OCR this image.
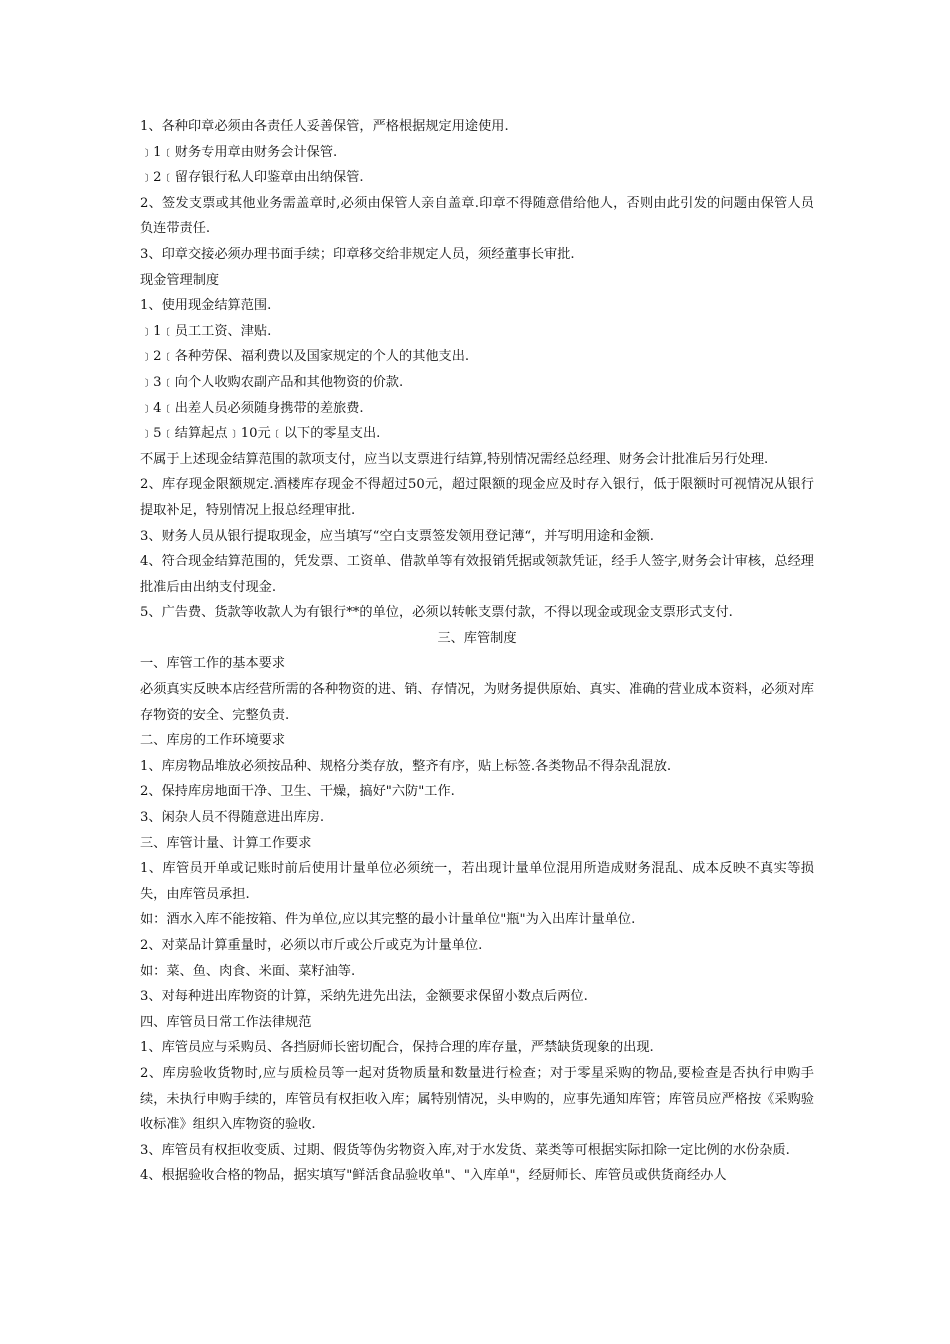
1、各种印章必须由各责任人妥善保管，严格根据规定用途使用.

﹞1﹝财务专用章由财务会计保管.

﹞2﹝留存银行私人印鉴章由出纳保管.

2、签发支票或其他业务需盖章时,必须由保管人亲自盖章.印章不得随意借给他人，否则由此引发的问题由保管人员负连带责任.

3、印章交接必须办理书面手续；印章移交给非规定人员，须经董事长审批.

现金管理制度

1、使用现金结算范围.

﹞1﹝员工工资、津贴.

﹞2﹝各种劳保、福利费以及国家规定的个人的其他支出.

﹞3﹝向个人收购农副产品和其他物资的价款.

﹞4﹝出差人员必须随身携带的差旅费.

﹞5﹝结算起点﹞10元﹝以下的零星支出.

不属于上述现金结算范围的款项支付，应当以支票进行结算,特别情况需经总经理、财务会计批准后另行处理.

2、库存现金限额规定.酒楼库存现金不得超过50元，超过限额的现金应及时存入银行，低于限额时可视情况从银行提取补足，特别情况上报总经理审批.

3、财务人员从银行提取现金，应当填写“空白支票签发领用登记薄“，并写明用途和金额.

4、符合现金结算范围的，凭发票、工资单、借款单等有效报销凭据或领款凭证，经手人签字,财务会计审核，总经理批准后由出纳支付现金.

5、广告费、货款等收款人为有银行**的单位，必须以转帐支票付款，不得以现金或现金支票形式支付.

三、库管制度

一、库管工作的基本要求

必须真实反映本店经营所需的各种物资的进、销、存情况，为财务提供原始、真实、准确的营业成本资料，必须对库存物资的安全、完整负责.

二、库房的工作环境要求

1、库房物品堆放必须按品种、规格分类存放，整齐有序，贴上标签.各类物品不得杂乱混放.

2、保持库房地面干净、卫生、干燥，搞好"六防"工作.

3、闲杂人员不得随意进出库房.

三、库管计量、计算工作要求

1、库管员开单或记账时前后使用计量单位必须统一，若出现计量单位混用所造成财务混乱、成本反映不真实等损失，由库管员承担.

如：酒水入库不能按箱、件为单位,应以其完整的最小计量单位"瓶"为入出库计量单位.

2、对菜品计算重量时，必须以市斤或公斤或克为计量单位.

如：菜、鱼、肉食、米面、菜籽油等.

3、对每种进出库物资的计算，采纳先进先出法，金额要求保留小数点后两位.

四、库管员日常工作法律规范

1、库管员应与采购员、各挡厨师长密切配合，保持合理的库存量，严禁缺货现象的出现.

2、库房验收货物时,应与质检员等一起对货物质量和数量进行检查；对于零星采购的物品,要检查是否执行申购手续，未执行申购手续的，库管员有权拒收入库；属特别情况，头申购的，应事先通知库管；库管员应严格按《采购验收标准》组织入库物资的验收.

3、库管员有权拒收变质、过期、假货等伪劣物资入库,对于水发货、菜类等可根据实际扣除一定比例的水份杂质.

4、根据验收合格的物品，据实填写"鲜活食品验收单"、"入库单"，经厨师长、库管员或供货商经办人
